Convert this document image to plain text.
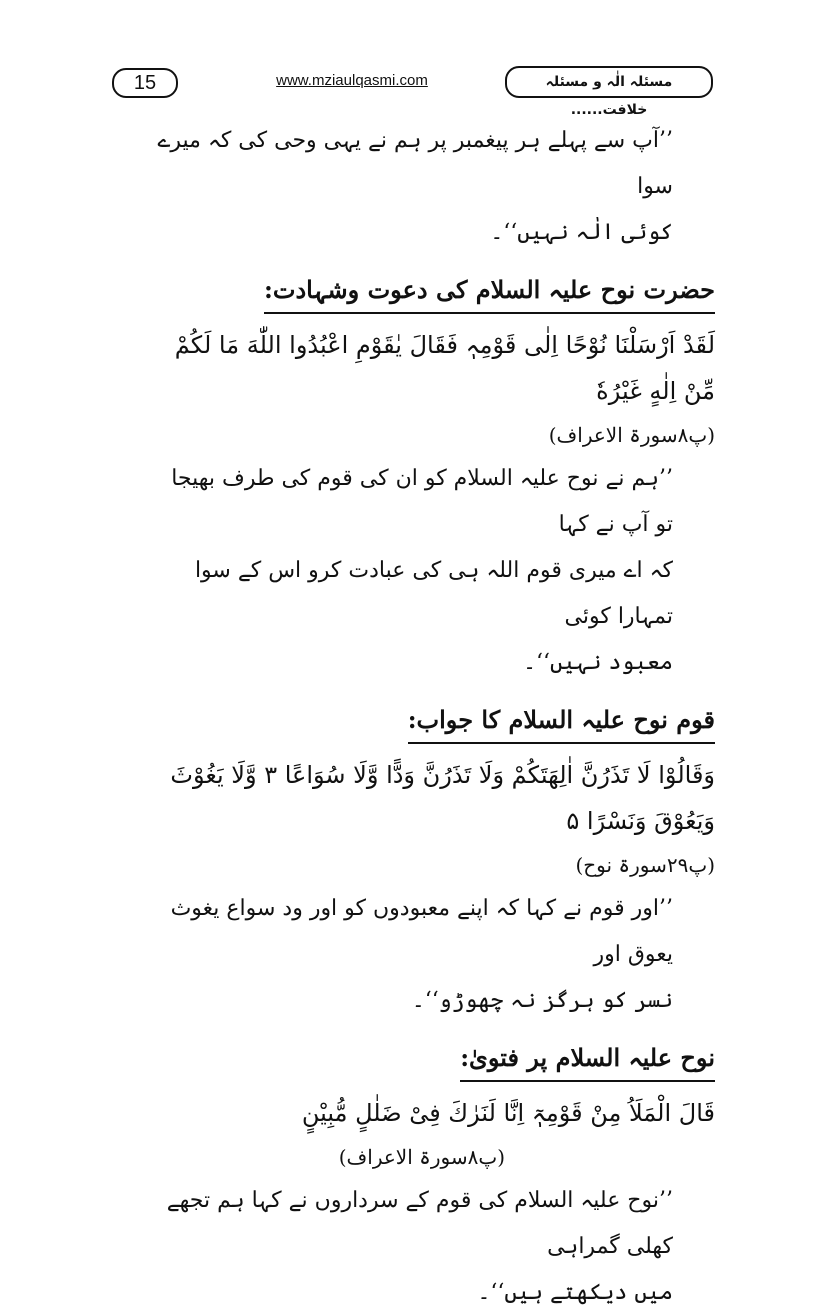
15	www.mziaulqasmi.com	مسئلہ الٰہ و مسئلہ خلافت......

’’آپ سے پہلے ہر پیغمبر پر ہم نے یہی وحی کی کہ میرے سوا

کوئی الٰہ نہیں‘‘۔

حضرت نوح علیہ السلام کی دعوت وشہادت:

لَقَدْ اَرْسَلْنَا نُوْحًا اِلٰی قَوْمِہٖ فَقَالَ یٰقَوْمِ اعْبُدُوا اللّٰهَ مَا لَكُمْ مِّنْ اِلٰهٍ غَیْرُهٗ

(پ۸سورۃ الاعراف)

’’ہم نے نوح علیہ السلام کو ان کی قوم کی طرف بھیجا تو آپ نے کہا

کہ اے میری قوم اللہ ہی کی عبادت کرو اس کے سوا تمہارا کوئی

معبود نہیں‘‘۔

قوم نوح علیہ السلام کا جواب:

وَقَالُوْا لَا تَذَرُنَّ اٰلِهَتَكُمْ وَلَا تَذَرُنَّ وَدًّا وَّلَا سُوَاعًا ۳ وَّلَا یَغُوْثَ وَیَعُوْقَ وَنَسْرًا ۵

(پ۲۹سورۃ نوح)

’’اور قوم نے کہا کہ اپنے معبودوں کو اور ود سواع یغوث یعوق اور

نسر کو ہرگز نہ چھوڑو‘‘۔

نوح علیہ السلام پر فتویٰ:

قَالَ الْمَلَاُ مِنْ قَوْمِہٖٓ اِنَّا لَنَرٰكَ فِیْ ضَلٰلٍ مُّبِیْنٍ

(پ۸سورۃ الاعراف)

’’نوح علیہ السلام کی قوم کے سرداروں نے کہا ہم تجھے کھلی گمراہی

میں دیکھتے ہیں‘‘۔
